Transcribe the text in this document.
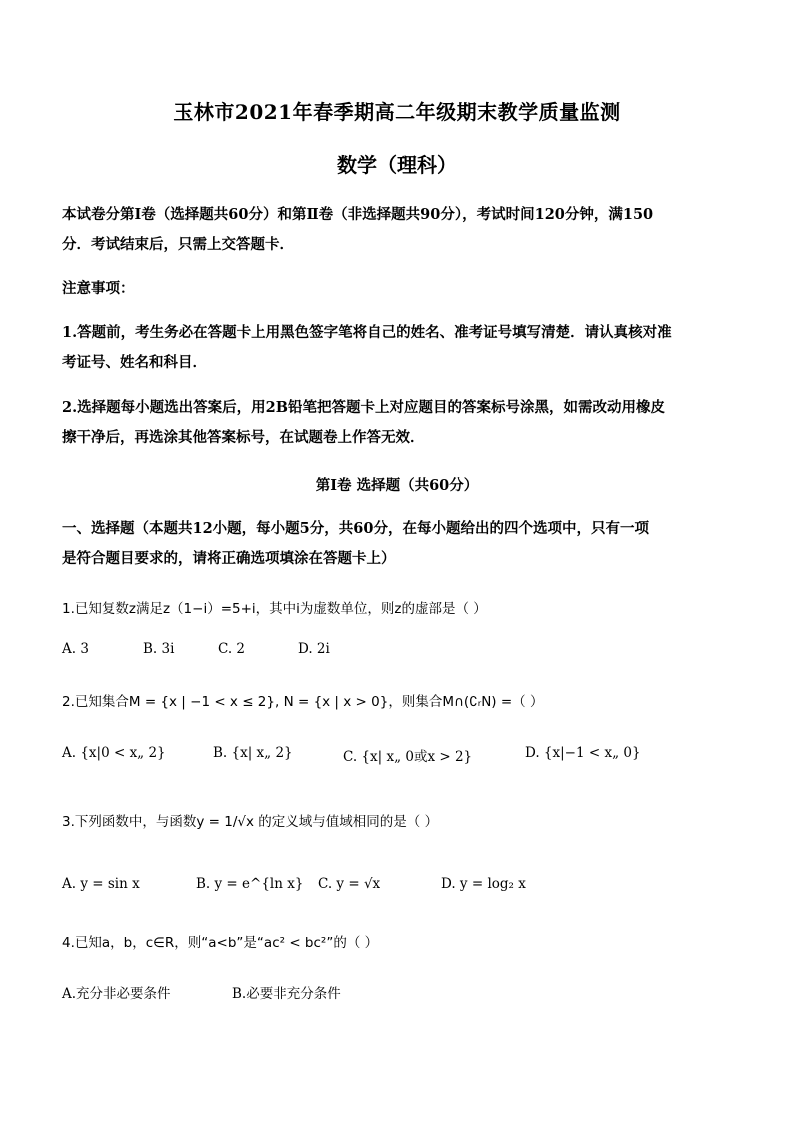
玉林市2021年春季期高二年级期末教学质量监测
数学（理科）
本试卷分第Ⅰ卷（选择题共60分）和第Ⅱ卷（非选择题共90分），考试时间120分钟，满150
分．考试结束后，只需上交答题卡．
注意事项：
1.答题前，考生务必在答题卡上用黑色签字笔将自己的姓名、准考证号填写清楚．请认真核对准
考证号、姓名和科目．
2.选择题每小题选出答案后，用2B铅笔把答题卡上对应题目的答案标号涂黑，如需改动用橡皮
擦干净后，再选涂其他答案标号，在试题卷上作答无效．
第Ⅰ卷 选择题（共60分）
一、选择题（本题共12小题，每小题5分，共60分，在每小题给出的四个选项中，只有一项
是符合题目要求的，请将正确选项填涂在答题卡上）
1.已知复数z满足z（1−i）=5+i，其中i为虚数单位，则z的虚部是（ ）
A. 3	B. 3i	C. 2	D. 2i
2.已知集合M = {x | −1 < x ≤ 2}, N = {x | x > 0}，则集合M∩(∁ᵣN) =（ ）
A. {x|0 < x„ 2}	B. {x| x„ 2}	C. {x| x„ 0或x > 2}	D. {x|−1 < x„ 0}
3.下列函数中，与函数y = 1/√x 的定义域与值域相同的是（ ）
A. y = sin x	B. y = e^{ln x} C. y = √x	D. y = log₂ x
4.已知a，b，c∈R，则“a<b”是“ac² < bc²”的（ ）
A.充分非必要条件	B.必要非充分条件
